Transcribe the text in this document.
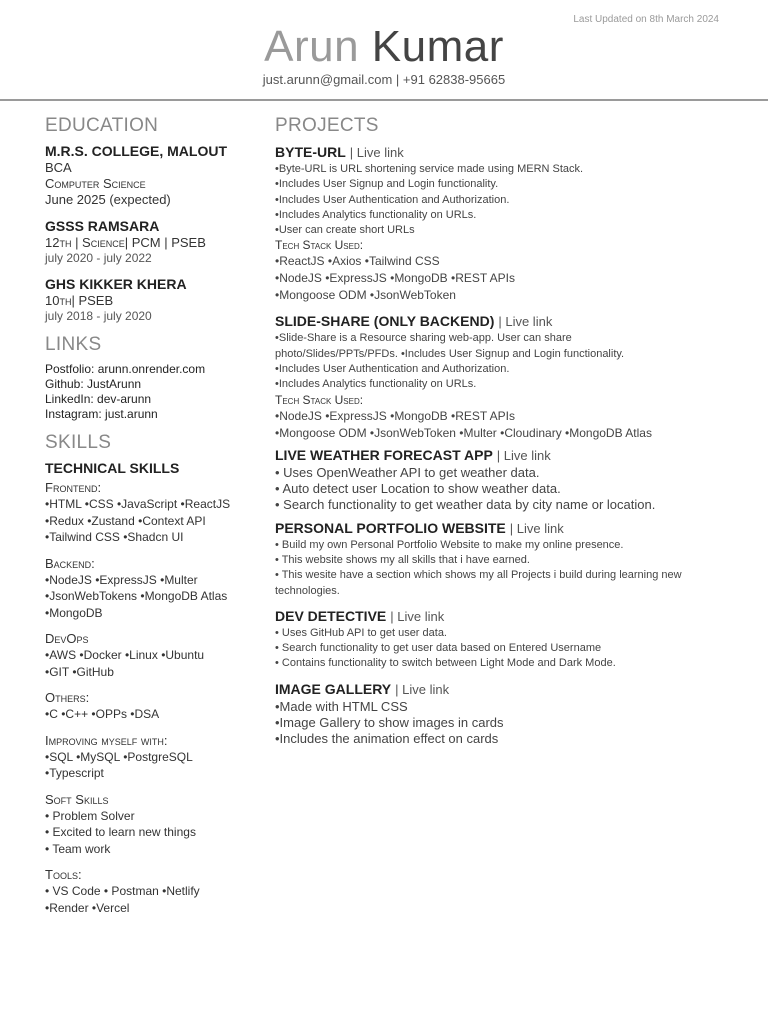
Last Updated on 8th March 2024
Arun Kumar
just.arunn@gmail.com | +91 62838-95665
EDUCATION
M.R.S. COLLEGE, MALOUT
BCA
Computer Science
June 2025 (expected)
GSSS RAMSARA
12th | Science| PCM | PSEB
july 2020 - july 2022
GHS KIKKER KHERA
10th| PSEB
july 2018 - july 2020
LINKS
Postfolio: arunn.onrender.com
Github: JustArunn
LinkedIn: dev-arunn
Instagram: just.arunn
SKILLS
TECHNICAL SKILLS
Frontend:
•HTML •CSS •JavaScript •ReactJS
•Redux •Zustand •Context API
•Tailwind CSS •Shadcn UI
Backend:
•NodeJS •ExpressJS •Multer
•JsonWebTokens •MongoDB Atlas
•MongoDB
DevOps
•AWS •Docker •Linux •Ubuntu
•GIT •GitHub
Others:
•C •C++ •OPPs •DSA
Improving myself with:
•SQL •MySQL •PostgreSQL
•Typescript
Soft Skills
• Problem Solver
• Excited to learn new things
• Team work
Tools:
• VS Code • Postman •Netlify
•Render •Vercel
PROJECTS
BYTE-URL | Live link
•Byte-URL is URL shortening service made using MERN Stack.
•Includes User Signup and Login functionality.
•Includes User Authentication and Authorization.
•Includes Analytics functionality on URLs.
•User can create short URLs
Tech Stack Used:
•ReactJS •Axios •Tailwind CSS
•NodeJS •ExpressJS •MongoDB •REST APIs
•Mongoose ODM •JsonWebToken
SLIDE-SHARE (ONLY BACKEND) | Live link
•Slide-Share is a Resource sharing web-app. User can share
photo/Slides/PPTs/PFDs. •Includes User Signup and Login functionality.
•Includes User Authentication and Authorization.
•Includes Analytics functionality on URLs.
Tech Stack Used:
•NodeJS •ExpressJS •MongoDB •REST APIs
•Mongoose ODM •JsonWebToken •Multer •Cloudinary •MongoDB Atlas
LIVE WEATHER FORECAST APP | Live link
• Uses OpenWeather API to get weather data.
• Auto detect user Location to show weather data.
• Search functionality to get weather data by city name or location.
PERSONAL PORTFOLIO WEBSITE | Live link
• Build my own Personal Portfolio Website to make my online presence.
• This website shows my all skills that i have earned.
• This wesite have a section which shows my all Projects i build during learning new
technologies.
DEV DETECTIVE | Live link
• Uses GitHub API to get user data.
• Search functionality to get user data based on Entered Username
• Contains functionality to switch between Light Mode and Dark Mode.
IMAGE GALLERY | Live link
•Made with HTML CSS
•Image Gallery to show images in cards
•Includes the animation effect on cards
